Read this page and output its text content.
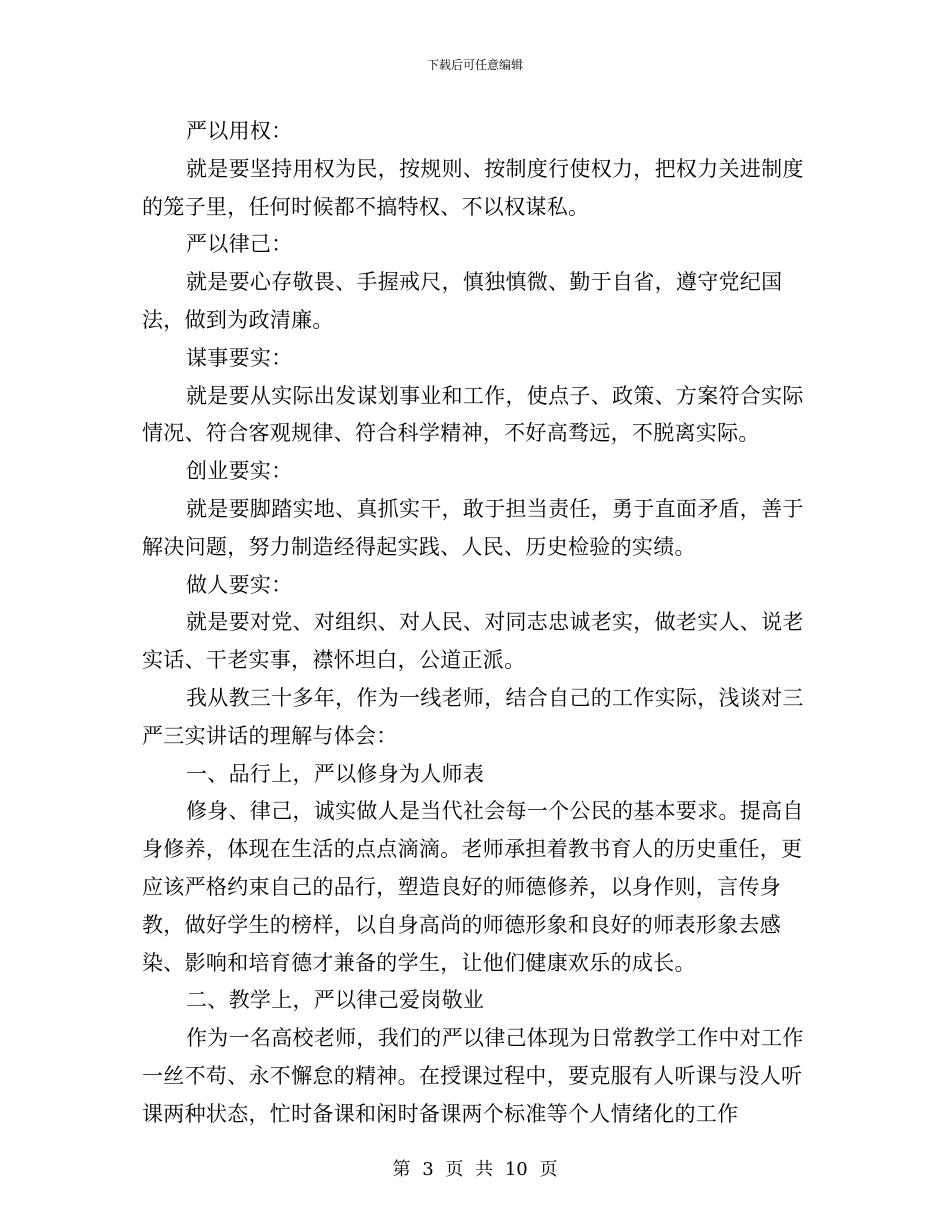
下载后可任意编辑

严以用权：

就是要坚持用权为民，按规则、按制度行使权力，把权力关进制度的笼子里，任何时候都不搞特权、不以权谋私。

严以律己：

就是要心存敬畏、手握戒尺，慎独慎微、勤于自省，遵守党纪国法，做到为政清廉。

谋事要实：

就是要从实际出发谋划事业和工作，使点子、政策、方案符合实际情况、符合客观规律、符合科学精神，不好高骛远，不脱离实际。

创业要实：

就是要脚踏实地、真抓实干，敢于担当责任，勇于直面矛盾，善于解决问题，努力制造经得起实践、人民、历史检验的实绩。

做人要实：

就是要对党、对组织、对人民、对同志忠诚老实，做老实人、说老实话、干老实事，襟怀坦白，公道正派。

我从教三十多年，作为一线老师，结合自己的工作实际，浅谈对三严三实讲话的理解与体会：

一、品行上，严以修身为人师表

修身、律己，诚实做人是当代社会每一个公民的基本要求。提高自身修养，体现在生活的点点滴滴。老师承担着教书育人的历史重任，更应该严格约束自己的品行，塑造良好的师德修养，以身作则，言传身教，做好学生的榜样，以自身高尚的师德形象和良好的师表形象去感染、影响和培育德才兼备的学生，让他们健康欢乐的成长。

二、教学上，严以律己爱岗敬业

作为一名高校老师，我们的严以律己体现为日常教学工作中对工作一丝不苟、永不懈怠的精神。在授课过程中，要克服有人听课与没人听课两种状态，忙时备课和闲时备课两个标准等个人情绪化的工作

第 3 页 共 10 页
